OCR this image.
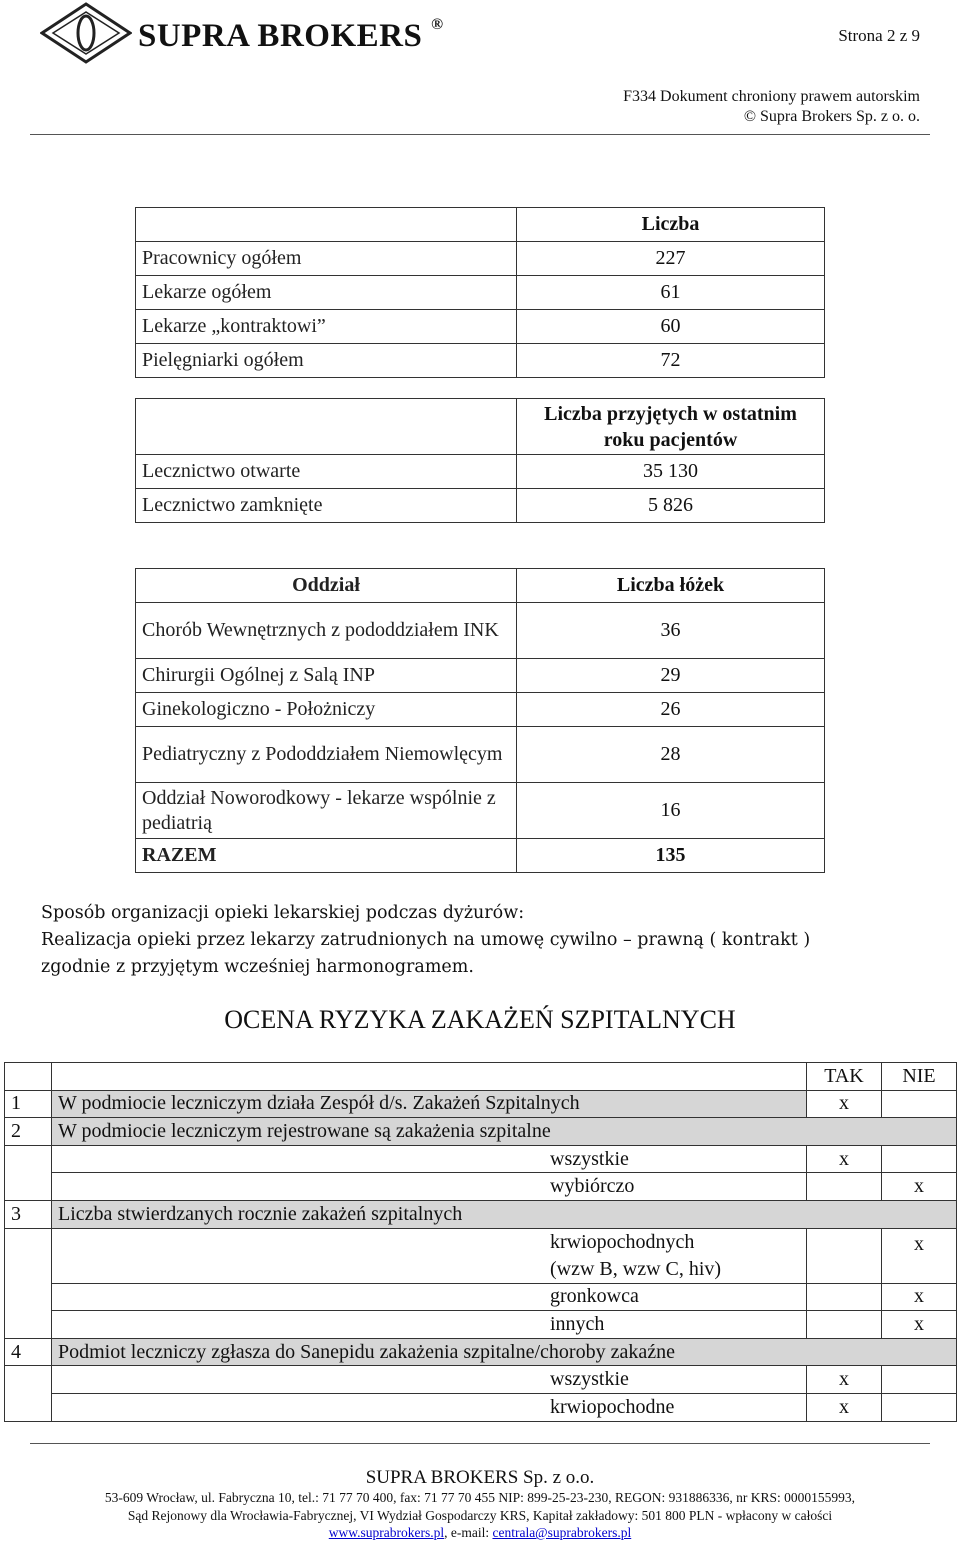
SUPRA BROKERS ®
Strona 2 z 9
F334 Dokument chroniony prawem autorskim
© Supra Brokers Sp. z o. o.
	Liczba
Pracownicy ogółem	227
Lekarze ogółem	61
Lekarze „kontraktowi”	60
Pielęgniarki ogółem	72
	Liczba przyjętych w ostatnim roku pacjentów
Lecznictwo otwarte	35 130
Lecznictwo zamknięte	5 826
Oddział	Liczba łóżek
Chorób Wewnętrznych z pododdziałem INK	36
Chirurgii Ogólnej z Salą INP	29
Ginekologiczno - Położniczy	26
Pediatryczny z Pododdziałem Niemowlęcym	28
Oddział Noworodkowy - lekarze wspólnie z pediatrią	16
RAZEM	135
Sposób organizacji opieki lekarskiej podczas dyżurów:
Realizacja opieki przez lekarzy zatrudnionych na umowę cywilno – prawną ( kontrakt )
zgodnie z przyjętym wcześniej harmonogramem.
OCENA RYZYKA ZAKAŻEŃ SZPITALNYCH
		TAK	NIE
1	W podmiocie leczniczym działa Zespół d/s. Zakażeń Szpitalnych	x	
2	W podmiocie leczniczym rejestrowane są zakażenia szpitalne		
	wszystkie	x	
	wybiórczo		x
3	Liczba stwierdzanych rocznie zakażeń szpitalnych		

	krwiopochodnych
(wzw B, wzw C, hiv)		x
	gronkowca		x
	innych		x
4	Podmiot leczniczy zgłasza do Sanepidu zakażenia szpitalne/choroby zakaźne		
	wszystkie	x	
	krwiopochodne	x	
SUPRA BROKERS Sp. z o.o.
53-609 Wrocław, ul. Fabryczna 10, tel.: 71 77 70 400, fax: 71 77 70 455 NIP: 899-25-23-230, REGON: 931886336, nr KRS: 0000155993,
Sąd Rejonowy dla Wrocławia-Fabrycznej, VI Wydział Gospodarczy KRS, Kapitał zakładowy: 501 800 PLN - wpłacony w całości
www.suprabrokers.pl, e-mail: centrala@suprabrokers.pl
